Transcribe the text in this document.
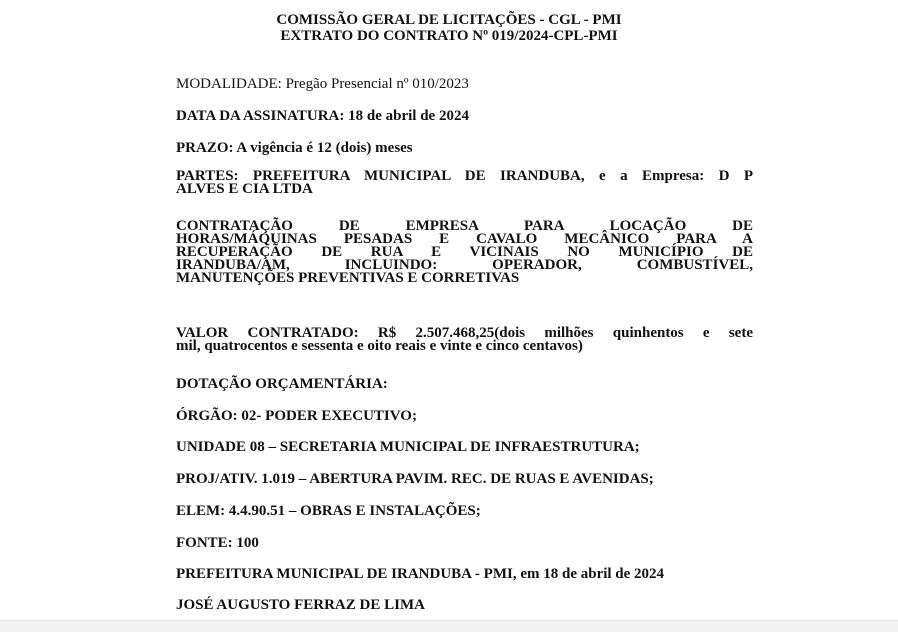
COMISSÃO GERAL DE LICITAÇÕES - CGL - PMI
EXTRATO DO CONTRATO Nº 019/2024-CPL-PMI
MODALIDADE: Pregão Presencial nº 010/2023
DATA DA ASSINATURA: 18 de abril de 2024
PRAZO: A vigência é 12 (dois) meses
PARTES: PREFEITURA MUNICIPAL DE IRANDUBA, e a Empresa: D P
ALVES E CIA LTDA
CONTRATAÇÃO DE EMPRESA PARA LOCAÇÃO DE
HORAS/MÁQUINAS PESADAS E CAVALO MECÂNICO PARA A
RECUPERAÇÃO DE RUA E VICINAIS NO MUNICÍPIO DE
IRANDUBA/AM, INCLUINDO: OPERADOR, COMBUSTÍVEL,
MANUTENÇÕES PREVENTIVAS E CORRETIVAS
VALOR CONTRATADO: R$ 2.507.468,25(dois milhões quinhentos e sete
mil, quatrocentos e sessenta e oito reais e vinte e cinco centavos)
DOTAÇÃO ORÇAMENTÁRIA:
ÓRGÃO: 02- PODER EXECUTIVO;
UNIDADE 08 – SECRETARIA MUNICIPAL DE INFRAESTRUTURA;
PROJ/ATIV. 1.019 – ABERTURA PAVIM. REC. DE RUAS E AVENIDAS;
ELEM: 4.4.90.51 – OBRAS E INSTALAÇÕES;
FONTE: 100
PREFEITURA MUNICIPAL DE IRANDUBA - PMI, em 18 de abril de 2024
JOSÉ AUGUSTO FERRAZ DE LIMA
